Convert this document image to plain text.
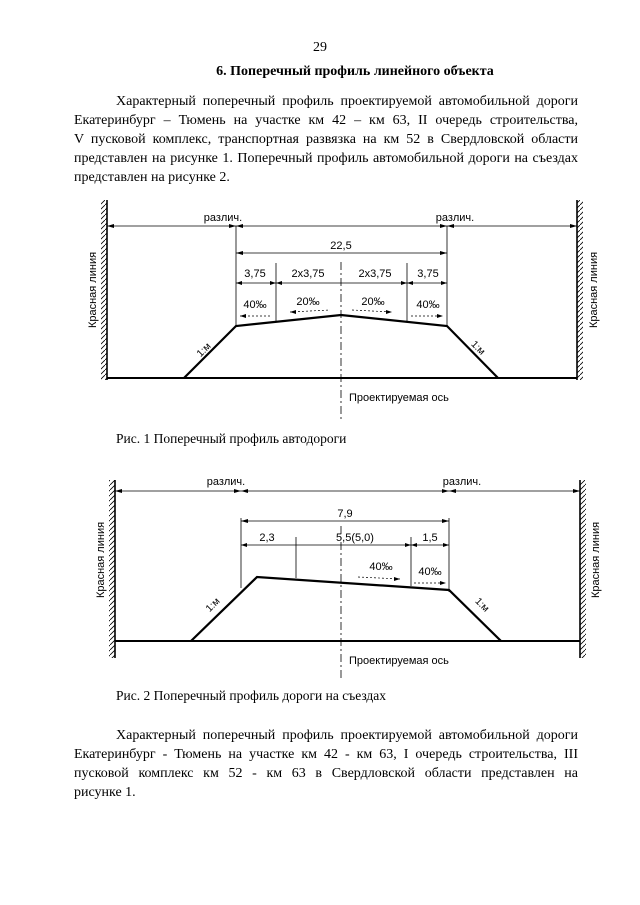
29
6. Поперечный профиль линейного объекта

Характерный поперечный профиль проектируемой автомобильной дороги
Екатеринбург – Тюмень на участке км 42 – км 63, II очередь строительства,
V пусковой комплекс, транспортная развязка на км 52 в Свердловской области
представлен на рисунке 1. Поперечный профиль автомобильной дороги на съездах
представлен на рисунке 2.

Красная линия	Красная линия
различ.	различ.
22,5
3,75 2х3,75	2х3,75 3,75
40‰	20‰	20‰	40‰
1:м	1:м
Проектируемая ось
Красная линия	Красная линия
различ.	различ.
7,9
2,3	5,5(5,0)	1,5
40‰ 40‰
1:м	1:м
Проектируемая ось
Рис. 1 Поперечный профиль автодороги
Рис. 2 Поперечный профиль дороги на съездах

Характерный поперечный профиль проектируемой автомобильной дороги
Екатеринбург - Тюмень на участке км 42 - км 63, I очередь строительства, III
пусковой комплекс км 52 - км 63 в Свердловской области представлен на
рисунке 1.
